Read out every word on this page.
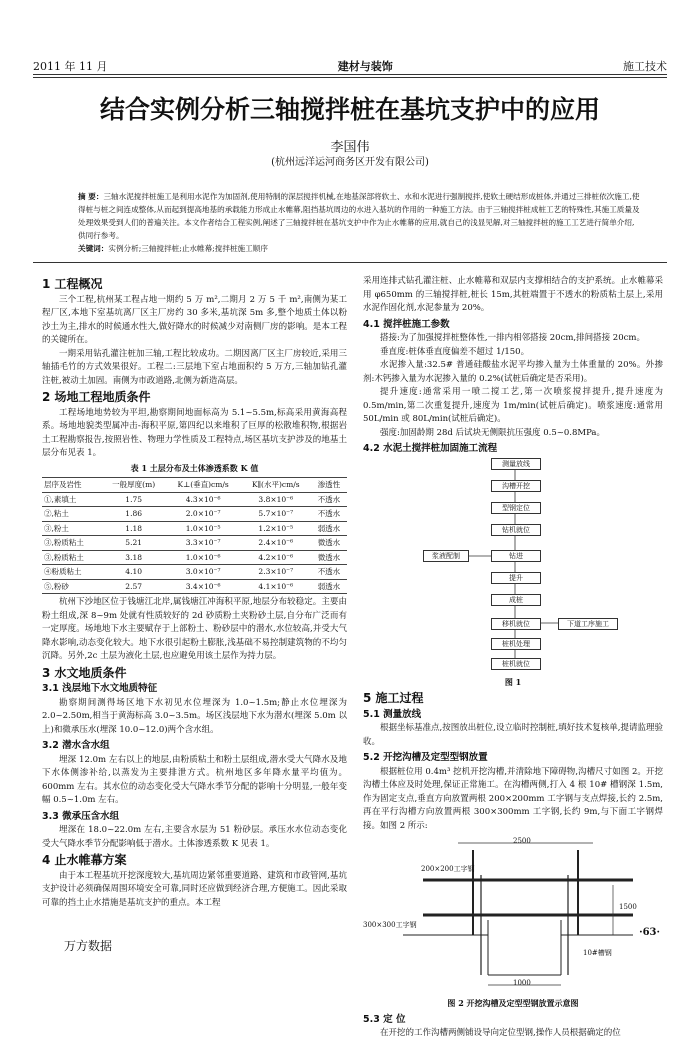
2011 年 11 月	建材与装饰	施工技术
结合实例分析三轴搅拌桩在基坑支护中的应用
李国伟
(杭州远洋运河商务区开发有限公司)
摘 要：三轴水泥搅拌桩施工是利用水泥作为加固剂,使用特制的深层搅拌机械,在地基深部将软土、水和水泥进行强制搅拌,使软土硬结形成桩体,并通过三排桩依次施工,使得桩与桩之间连成整体,从而起到提高地基的承载能力形成止水帷幕,阻挡基坑周边的水进入基坑的作用的一种施工方法。由于三轴搅拌桩成桩工艺的特殊性,其施工质量及处理效果受到人们的普遍关注。本文作者结合工程实例,阐述了三轴搅拌桩在基坑支护中作为止水帷幕的应用,就自己的浅显见解,对三轴搅拌桩的施工工艺进行简单介绍,供同行参考。
关键词：实例分析;三轴搅拌桩;止水帷幕;搅拌桩施工顺序
1 工程概况

三个工程,杭州某工程占地一期约 5 万 m²,二期月 2 万 5 千 m²,南侧为某工程厂区,本地下室基坑离厂区主厂房约 30 多米,基坑深 5m 多,整个地质土体以粉沙土为主,排水的时候通水性大,做好降水的时候减少对南侧厂房的影响。是本工程的关键所在。

一期采用钻孔灌注桩加三轴,工程比较成功。二期因离厂区主厂房较近,采用三轴插毛竹的方式效果很好。工程二:三层地下室占地面积约 5 万方,三轴加钻孔灌注桩,被动土加固。南侧为市政道路,北侧为新造高层。

2 场地工程地质条件

工程场地地势较为平坦,勘察期间地面标高为 5.1~5.5m,标高采用黄海高程系。场地地貌类型属冲击-海积平原,第四纪以来堆积了巨厚的松散堆积物,根据岩土工程勘察报告,按照岩性、物理力学性质及工程特点,场区基坑支护涉及的地基土层分布见表 1。

表 1 土层分布及土体渗透系数 K 值
层序及岩性	一般厚度(m)	K⊥(垂直)cm/s	K∥(水平)cm/s	渗透性
①,素填土	1.75	4.3×10⁻⁶	3.8×10⁻⁶	不透水
②,粘土	1.86	2.0×10⁻⁷	5.7×10⁻⁷	不透水
③,粉土	1.18	1.0×10⁻⁵	1.2×10⁻⁵	弱透水
③,粉质粘土	5.21	3.3×10⁻⁷	2.4×10⁻⁶	微透水
③,粉质粘土	3.18	1.0×10⁻⁶	4.2×10⁻⁶	微透水
④粉质粘土	4.10	3.0×10⁻⁷	2.3×10⁻⁷	不透水
⑤,粉砂	2.57	3.4×10⁻⁶	4.1×10⁻⁶	弱透水

杭州下沙地区位于钱塘江北岸,属钱塘江冲海积平原,地层分布较稳定。主要由粉土组成,深 8~9m 处就有性质较好的 2d 砂质粉土夹粉砂土层,自分布广泛而有一定厚度。场地地下水主要赋存于上部粉土、粉砂层中的潜水,水位较高,并受大气降水影响,动态变化较大。地下水很引起粉土膨胀,浅基础不易控制建筑物的不均匀沉降。另外,2c 土层为液化土层,也应避免用该土层作为持力层。

3 水文地质条件
3.1 浅层地下水文地质特征

勘察期间测得场区地下水初见水位埋深为 1.0~1.5m;静止水位埋深为 2.0~2.50m,相当于黄海标高 3.0~3.5m。场区浅层地下水为潜水(埋深 5.0m 以上)和微承压水(埋深 10.0~12.0)两个含水组。

3.2 潜水含水组

埋深 12.0m 左右以上的地层,由粉质粘土和粉土层组成,潜水受大气降水及地下水体侧渗补给,以蒸发为主要排泄方式。杭州地区多年降水量平均值为。600mm 左右。其水位的动态变化受大气降水季节分配的影响十分明显,一般年变幅 0.5~1.0m 左右。

3.3 微承压含水组

埋深在 18.0~22.0m 左右,主要含水层为 51 粉砂层。承压水水位动态变化受大气降水季节分配影响低于潜水。土体渗透系数 K 见表 1。

4 止水帷幕方案

由于本工程基坑开挖深度较大,基坑周边紧邻重要道路、建筑和市政管网,基坑支护设计必须确保周围环境安全可靠,同时还应做到经济合理,方便施工。因此采取可靠的挡土止水措施是基坑支护的重点。本工程

采用连排式钻孔灌注桩、止水帷幕和双层内支撑相结合的支护系统。止水帷幕采用 φ650mm 的三轴搅拌桩,桩长 15m,其桩端置于不透水的粉质粘土层上,采用水泥作固化剂,水泥参量为 20%。

4.1 搅拌桩施工参数

搭接:为了加强搅拌桩整体性,一排内相邻搭接 20cm,排间搭接 20cm。

垂直度:桩体垂直度偏差不超过 1/150。

水泥掺入量:32.5# 普通硅酸盐水泥平均掺入量为土体重量的 20%。外掺剂:木钙掺入量为水泥掺入量的 0.2%(试桩后确定是否采用)。

提升速度:通常采用一喷二搅工艺,第一次喷浆搅拌提升,提升速度为 0.5m/min,第二次重复提升,速度为 1m/min(试桩后确定)。喷浆速度:通常用 50L/min 或 80L/min(试桩后确定)。

强度:加固龄期 28d 后试块无侧限抗压强度 0.5~0.8MPa。

4.2 水泥土搅拌桩加固施工流程
测量放线
沟槽开挖
型钢定位
钻机就位
钻进
提升
成桩
移机就位
桩机处理
桩机就位
浆液配制
下道工序施工
图 1
5 施工过程
5.1 测量放线

根据坐标基准点,按图放出桩位,设立临时控制桩,填好技术复核单,提请监理验收。

5.2 开挖沟槽及定型型钢放置

根据桩位用 0.4m³ 挖机开挖沟槽,并清除地下障碍物,沟槽尺寸如图 2。开挖沟槽土体应及时处理,保证正常施工。在沟槽两侧,打入 4 根 10# 槽钢深 1.5m,作为固定支点,垂直方向放置两根 200×200mm 工字钢与支点焊接,长约 2.5m,再在平行沟槽方向放置两根 300×300mm 工字钢,长约 9m,与下面工字钢焊接。如图 2 所示:

2500
200×200工字钢
300×300工字钢
10#槽钢
1000
1500
图 2 开挖沟槽及定型型钢放置示意图
5.3 定 位

在开挖的工作沟槽两侧铺设导向定位型钢,操作人员根据确定的位

·63·
万方数据
